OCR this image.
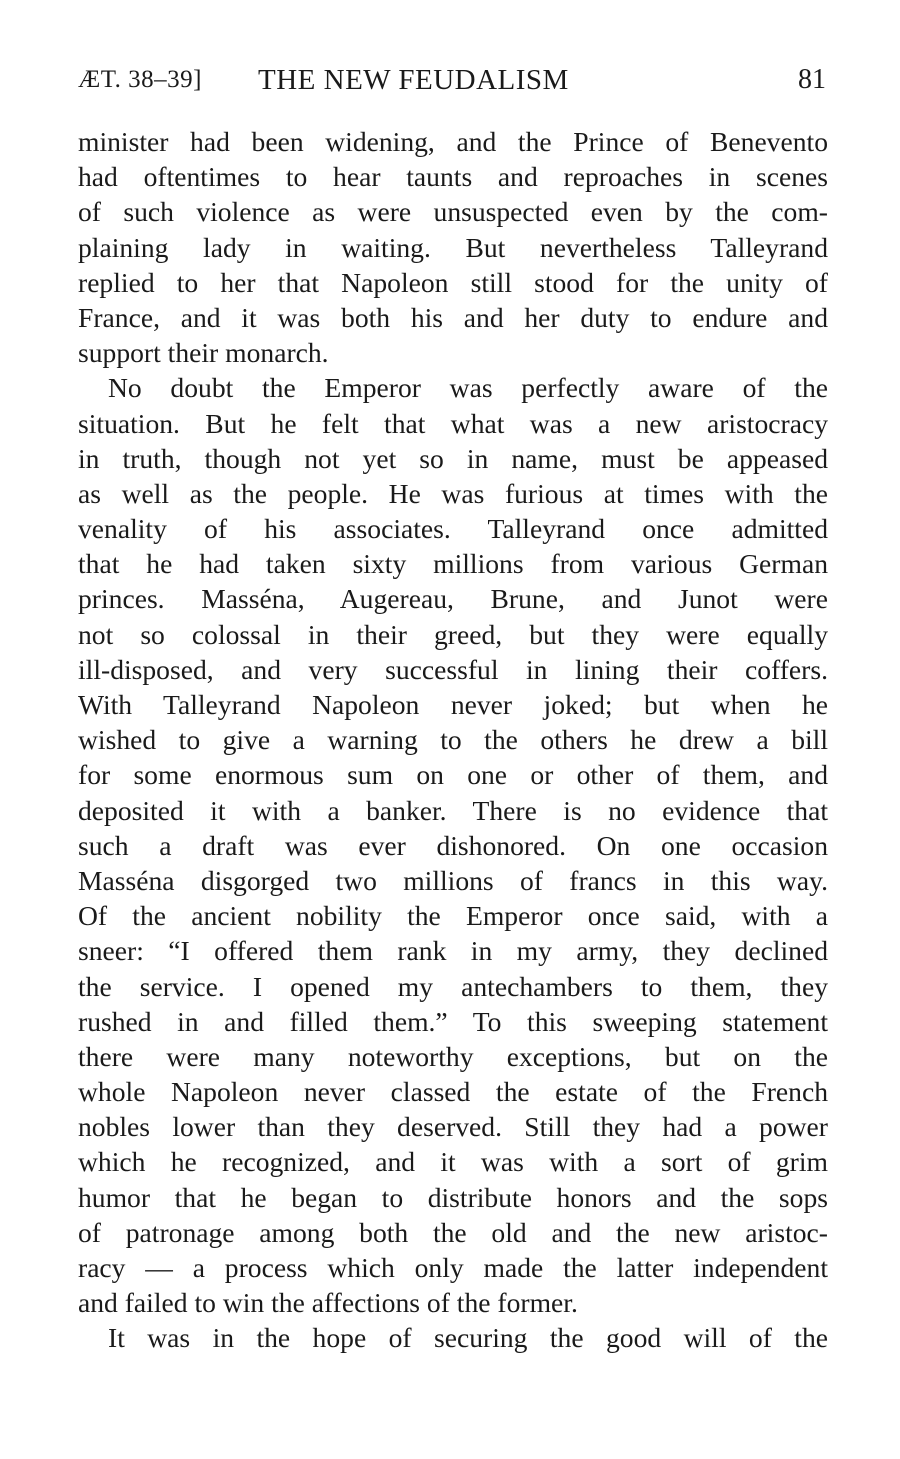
ÆT. 38–39] THE NEW FEUDALISM	81
minister had been widening, and the Prince of Benevento
had oftentimes to hear taunts and reproaches in scenes
of such violence as were unsuspected even by the com-
plaining lady in waiting. But nevertheless Talleyrand
replied to her that Napoleon still stood for the unity of
France, and it was both his and her duty to endure and
support their monarch.
No doubt the Emperor was perfectly aware of the
situation. But he felt that what was a new aristocracy
in truth, though not yet so in name, must be appeased
as well as the people. He was furious at times with the
venality of his associates. Talleyrand once admitted
that he had taken sixty millions from various German
princes. Masséna, Augereau, Brune, and Junot were
not so colossal in their greed, but they were equally
ill-disposed, and very successful in lining their coffers.
With Talleyrand Napoleon never joked; but when he
wished to give a warning to the others he drew a bill
for some enormous sum on one or other of them, and
deposited it with a banker. There is no evidence that
such a draft was ever dishonored. On one occasion
Masséna disgorged two millions of francs in this way.
Of the ancient nobility the Emperor once said, with a
sneer: “I offered them rank in my army, they declined
the service. I opened my antechambers to them, they
rushed in and filled them.” To this sweeping statement
there were many noteworthy exceptions, but on the
whole Napoleon never classed the estate of the French
nobles lower than they deserved. Still they had a power
which he recognized, and it was with a sort of grim
humor that he began to distribute honors and the sops
of patronage among both the old and the new aristoc-
racy — a process which only made the latter independent
and failed to win the affections of the former.
It was in the hope of securing the good will of the
